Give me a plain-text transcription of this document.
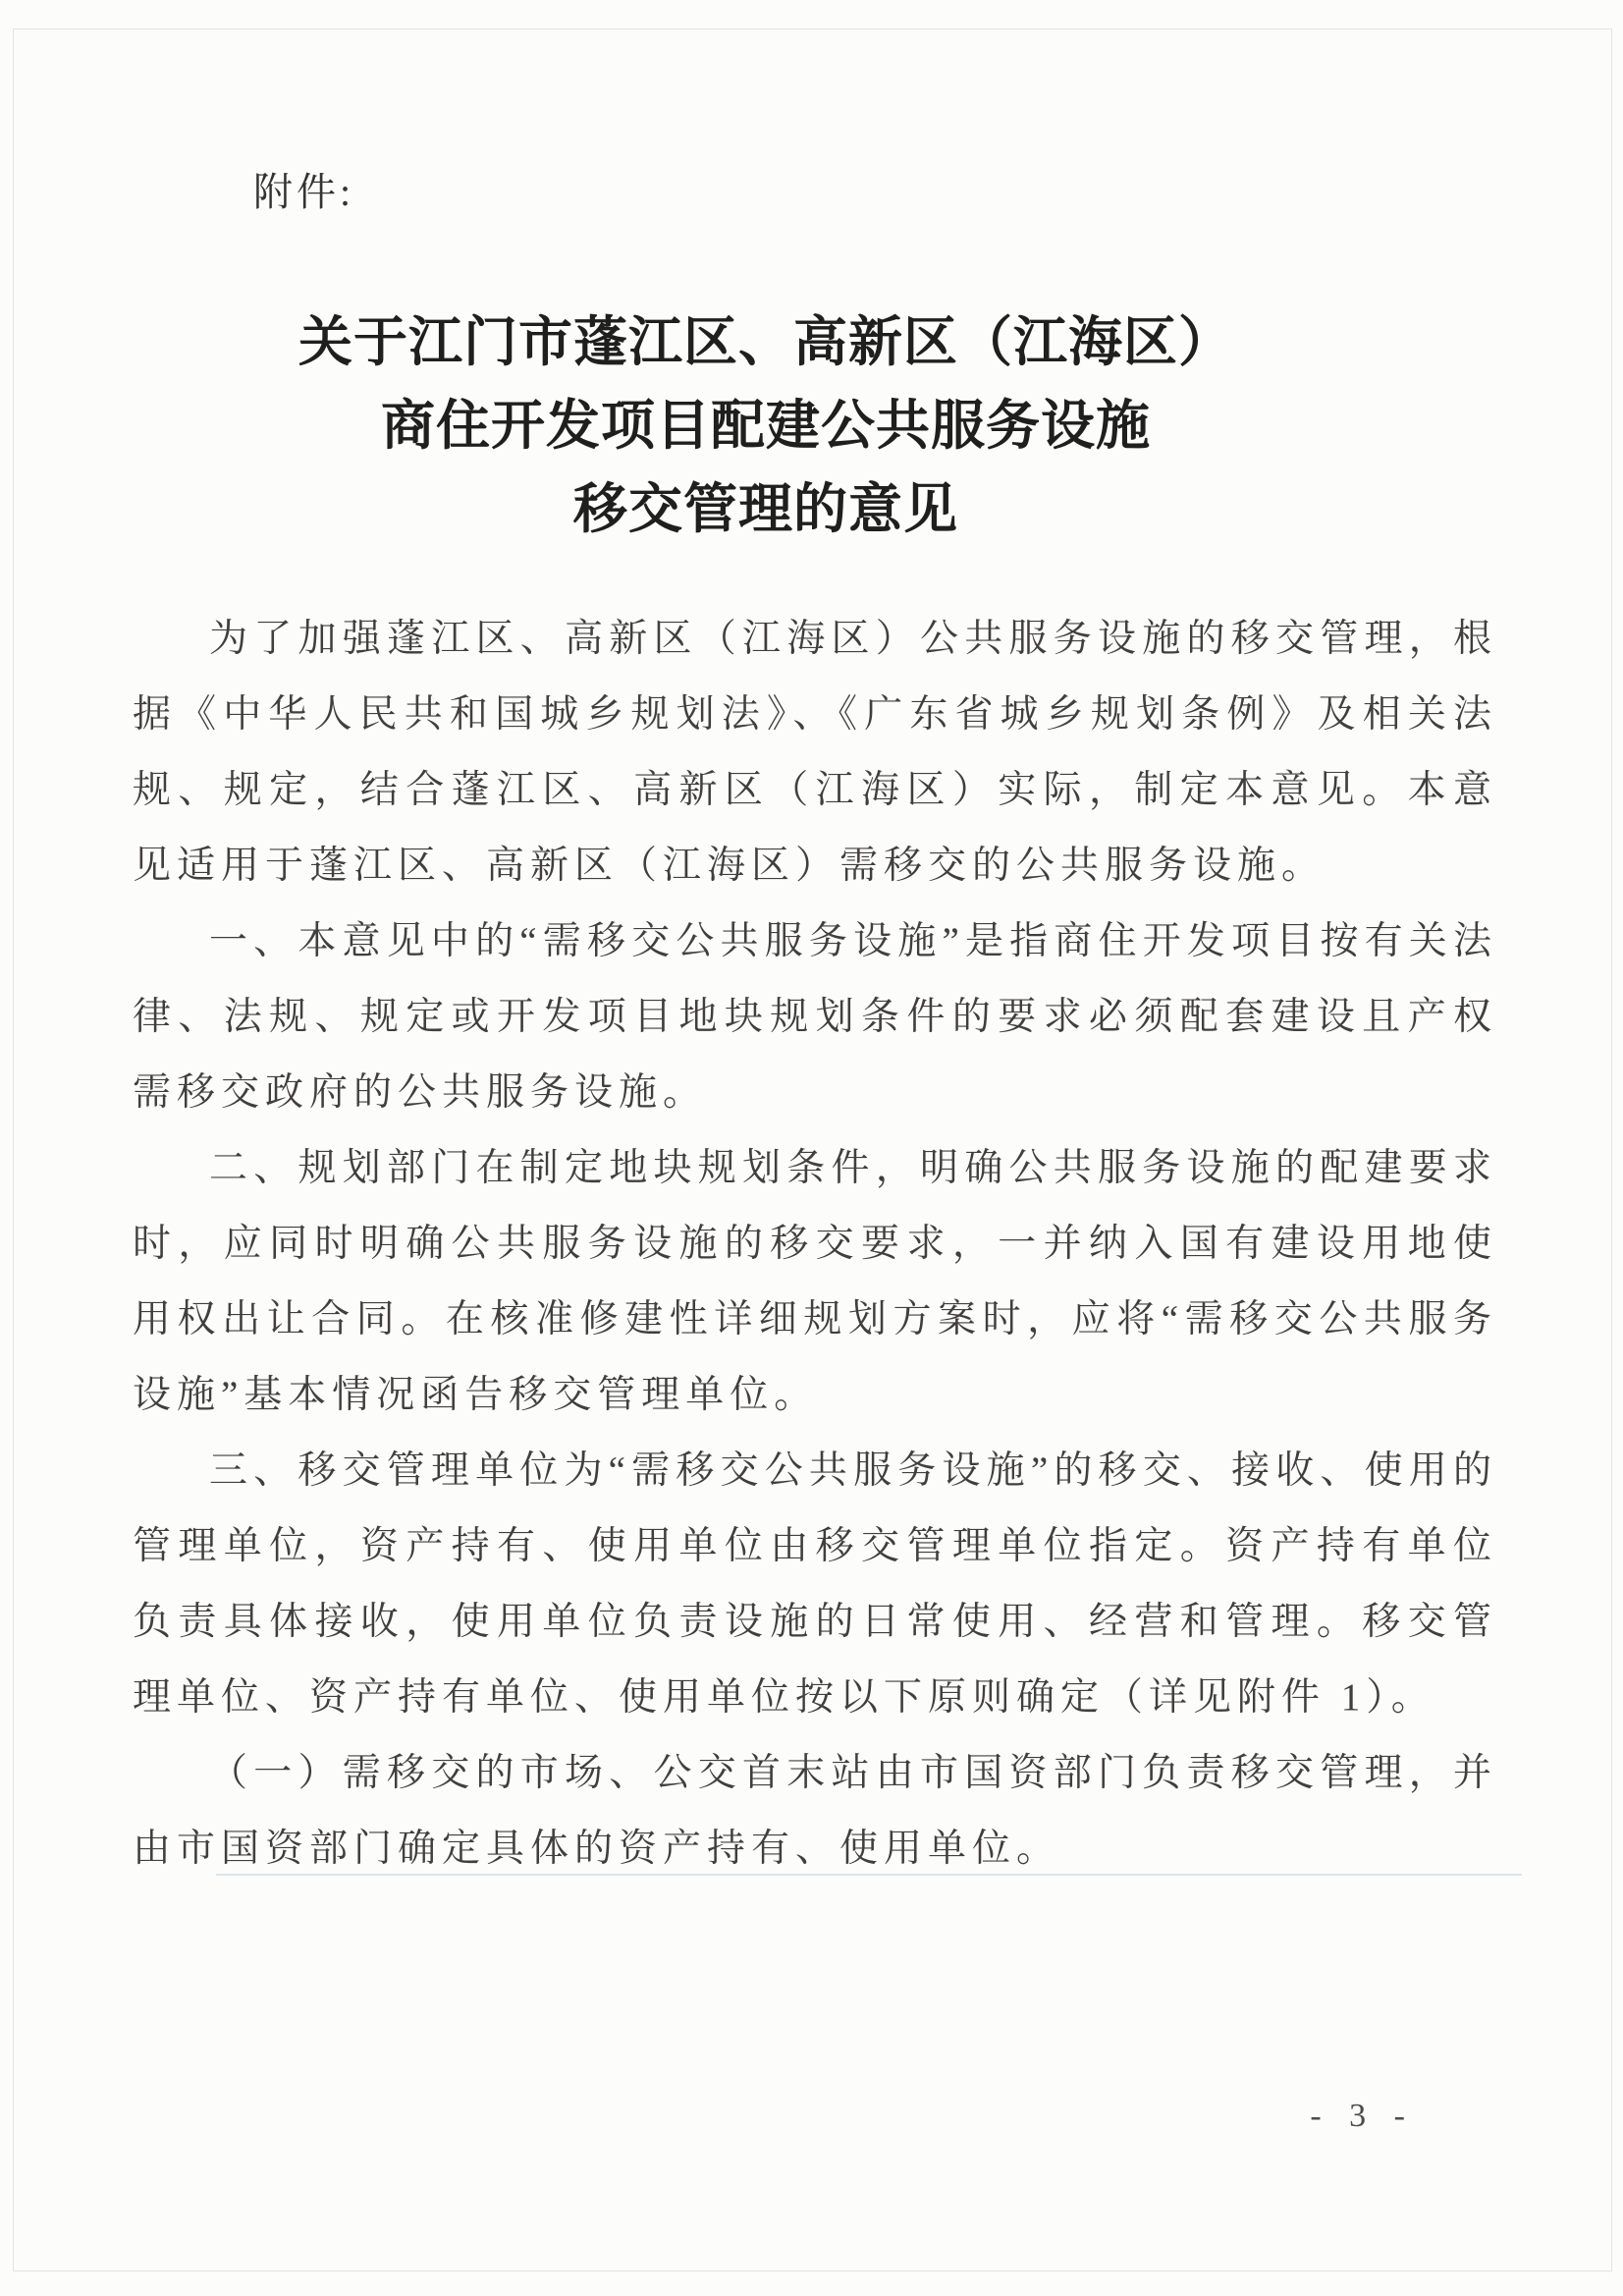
附件:
关于江门市蓬江区、高新区（江海区）
商住开发项目配建公共服务设施
移交管理的意见

为了加强蓬江区、高新区（江海区）公共服务设施的移交管理，根据《中华人民共和国城乡规划法》、《广东省城乡规划条例》及相关法规、规定，结合蓬江区、高新区（江海区）实际，制定本意见。本意见适用于蓬江区、高新区（江海区）需移交的公共服务设施。

一、本意见中的“需移交公共服务设施”是指商住开发项目按有关法律、法规、规定或开发项目地块规划条件的要求必须配套建设且产权需移交政府的公共服务设施。

二、规划部门在制定地块规划条件，明确公共服务设施的配建要求时，应同时明确公共服务设施的移交要求，一并纳入国有建设用地使用权出让合同。在核准修建性详细规划方案时，应将“需移交公共服务设施”基本情况函告移交管理单位。

三、移交管理单位为“需移交公共服务设施”的移交、接收、使用的管理单位，资产持有、使用单位由移交管理单位指定。资产持有单位负责具体接收，使用单位负责设施的日常使用、经营和管理。移交管理单位、资产持有单位、使用单位按以下原则确定（详见附件 1）。

（一）需移交的市场、公交首末站由市国资部门负责移交管理，并由市国资部门确定具体的资产持有、使用单位。

- 3 -
